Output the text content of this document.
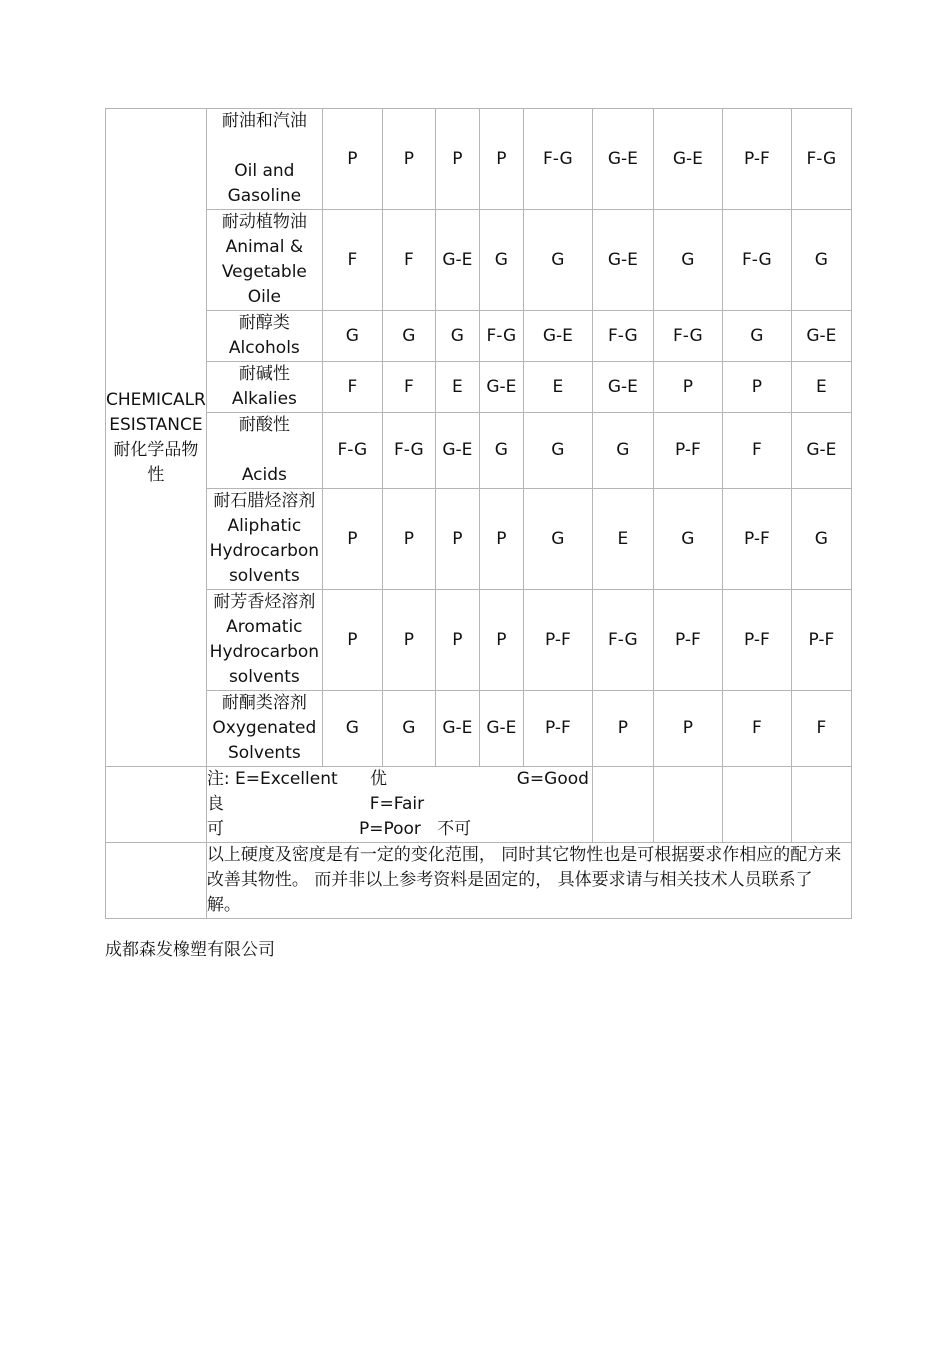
CHEMICALR
ESISTANCE
耐化学品物性	耐油和汽油

Oil and
Gasoline	P	P	P	P	F-G	G-E	G-E	P-F	F-G
	耐动植物油
Animal &
Vegetable
Oile	F	F	G-E	G	G	G-E	G	F-G	G
	耐醇类
Alcohols	G	G	G	F-G	G-E	F-G	F-G	G	G-E
	耐碱性
Alkalies	F	F	E	G-E	E	G-E	P	P	E
	耐酸性

Acids	F-G	F-G	G-E	G	G	G	P-F	F	G-E
	耐石腊烃溶剂
Aliphatic
Hydrocarbon
solvents	P	P	P	P	G	E	G	P-F	G
	耐芳香烃溶剂
Aromatic
Hydrocarbon
solvents	P	P	P	P	P-F	F-G	P-F	P-F	P-F
	耐酮类溶剂
Oxygenated
Solvents	G	G	G-E	G-E	P-F	P	P	F	F

	注: E=Excellent      优                        G=Good
良                           F=Fair
可                         P=Poor   不可									

	以上硬度及密度是有一定的变化范围， 同时其它物性也是可根据要求作相应的配方来改善其物性。 而并非以上参考资料是固定的， 具体要求请与相关技术人员联系了解。									
成都森发橡塑有限公司
